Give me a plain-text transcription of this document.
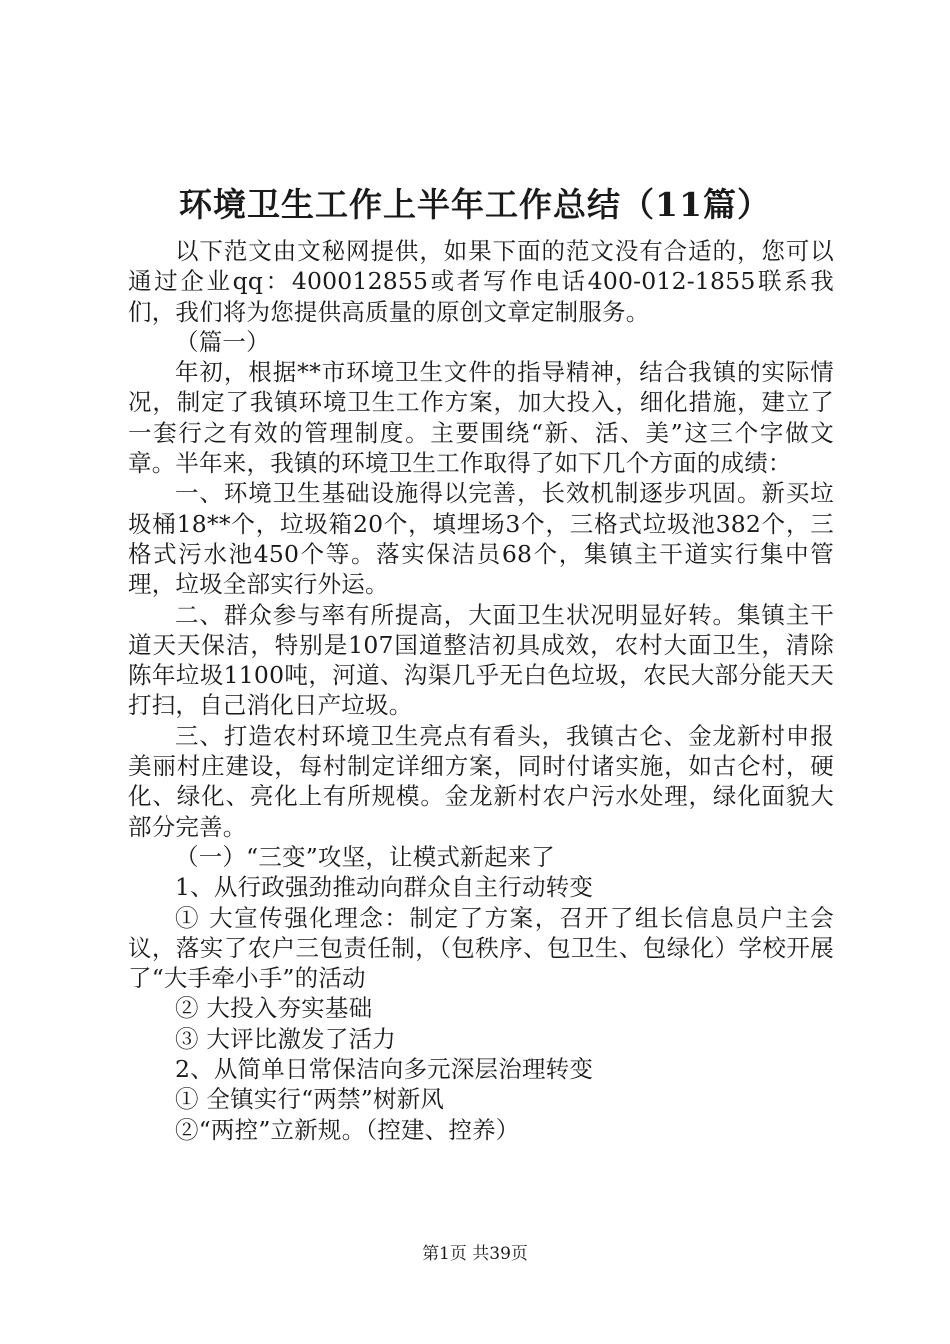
环境卫生工作上半年工作总结（11篇）

以下范文由文秘网提供，如果下面的范文没有合适的，您可以通过企业qq：400012855或者写作电话400-012-1855联系我们，我们将为您提供高质量的原创文章定制服务。

（篇一）

年初，根据**市环境卫生文件的指导精神，结合我镇的实际情况，制定了我镇环境卫生工作方案，加大投入，细化措施，建立了一套行之有效的管理制度。主要围绕“新、活、美”这三个字做文章。半年来，我镇的环境卫生工作取得了如下几个方面的成绩：

一、环境卫生基础设施得以完善，长效机制逐步巩固。新买垃圾桶18**个，垃圾箱20个，填埋场3个，三格式垃圾池382个，三格式污水池450个等。落实保洁员68个，集镇主干道实行集中管理，垃圾全部实行外运。

二、群众参与率有所提高，大面卫生状况明显好转。集镇主干道天天保洁，特别是107国道整洁初具成效，农村大面卫生，清除陈年垃圾1100吨，河道、沟渠几乎无白色垃圾，农民大部分能天天打扫，自己消化日产垃圾。

三、打造农村环境卫生亮点有看头，我镇古仑、金龙新村申报美丽村庄建设，每村制定详细方案，同时付诸实施，如古仑村，硬化、绿化、亮化上有所规模。金龙新村农户污水处理，绿化面貌大部分完善。

（一）“三变”攻坚，让模式新起来了

1、从行政强劲推动向群众自主行动转变

① 大宣传强化理念：制定了方案，召开了组长信息员户主会议，落实了农户三包责任制，（包秩序、包卫生、包绿化）学校开展了“大手牵小手”的活动

② 大投入夯实基础

③ 大评比激发了活力

2、从简单日常保洁向多元深层治理转变

① 全镇实行“两禁”树新风

②“两控”立新规。（控建、控养）

第1页 共39页
